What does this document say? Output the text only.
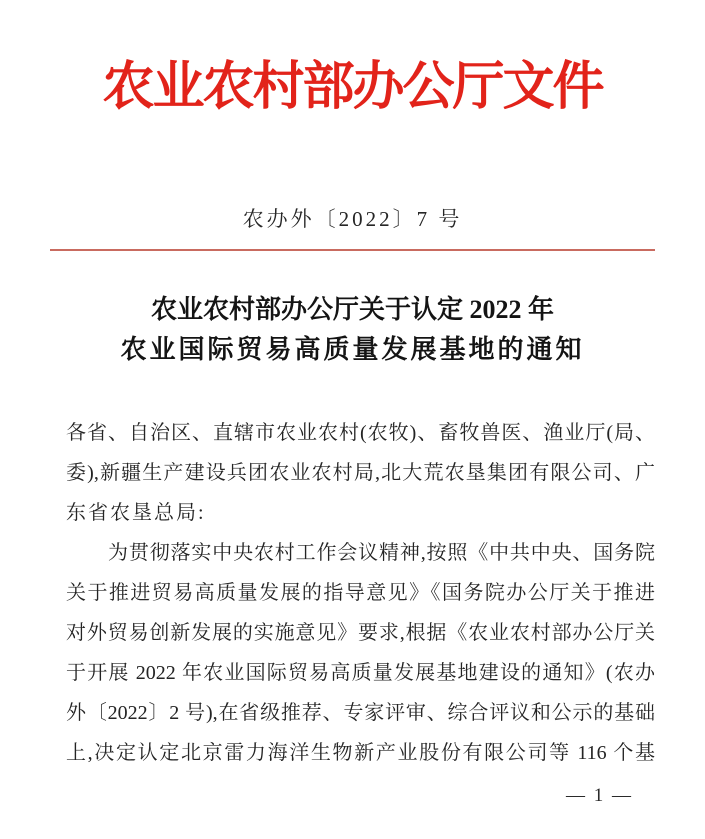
农业农村部办公厅文件
农办外〔2022〕7 号
农业农村部办公厅关于认定 2022 年
农业国际贸易高质量发展基地的通知
各省、自治区、直辖市农业农村(农牧)、畜牧兽医、渔业厅(局、
委),新疆生产建设兵团农业农村局,北大荒农垦集团有限公司、广
东省农垦总局:
为贯彻落实中央农村工作会议精神,按照《中共中央、国务院
关于推进贸易高质量发展的指导意见》《国务院办公厅关于推进
对外贸易创新发展的实施意见》要求,根据《农业农村部办公厅关
于开展 2022 年农业国际贸易高质量发展基地建设的通知》(农办
外〔2022〕2 号),在省级推荐、专家评审、综合评议和公示的基础
上,决定认定北京雷力海洋生物新产业股份有限公司等 116 个基
— 1 —
